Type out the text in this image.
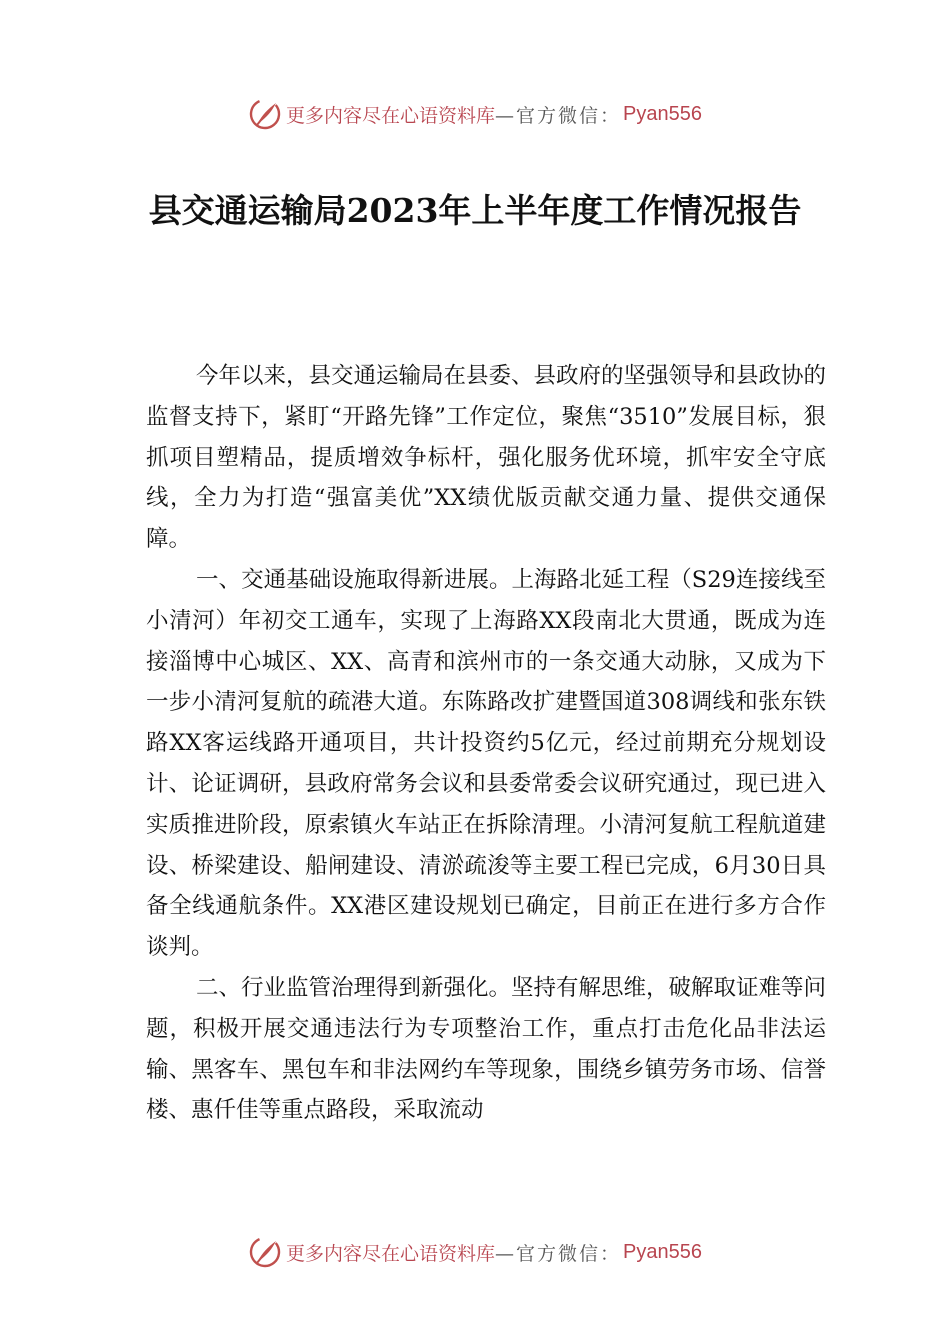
更多内容尽在心语资料库 —官方微信： Pyan556
县交通运输局2023年上半年度工作情况报告

今年以来，县交通运输局在县委、县政府的坚强领导和县政协的监督支持下，紧盯“开路先锋”工作定位，聚焦“3510”发展目标，狠抓项目塑精品，提质增效争标杆，强化服务优环境，抓牢安全守底线，全力为打造“强富美优”XX绩优版贡献交通力量、提供交通保障。

一、交通基础设施取得新进展。上海路北延工程（S29连接线至小清河）年初交工通车，实现了上海路XX段南北大贯通，既成为连接淄博中心城区、XX、高青和滨州市的一条交通大动脉，又成为下一步小清河复航的疏港大道。东陈路改扩建暨国道308调线和张东铁路XX客运线路开通项目，共计投资约5亿元，经过前期充分规划设计、论证调研，县政府常务会议和县委常委会议研究通过，现已进入实质推进阶段，原索镇火车站正在拆除清理。小清河复航工程航道建设、桥梁建设、船闸建设、清淤疏浚等主要工程已完成，6月30日具备全线通航条件。XX港区建设规划已确定，目前正在进行多方合作谈判。

二、行业监管治理得到新强化。坚持有解思维，破解取证难等问题，积极开展交通违法行为专项整治工作，重点打击危化品非法运输、黑客车、黑包车和非法网约车等现象，围绕乡镇劳务市场、信誉楼、惠仟佳等重点路段，采取流动

更多内容尽在心语资料库 —官方微信： Pyan556
